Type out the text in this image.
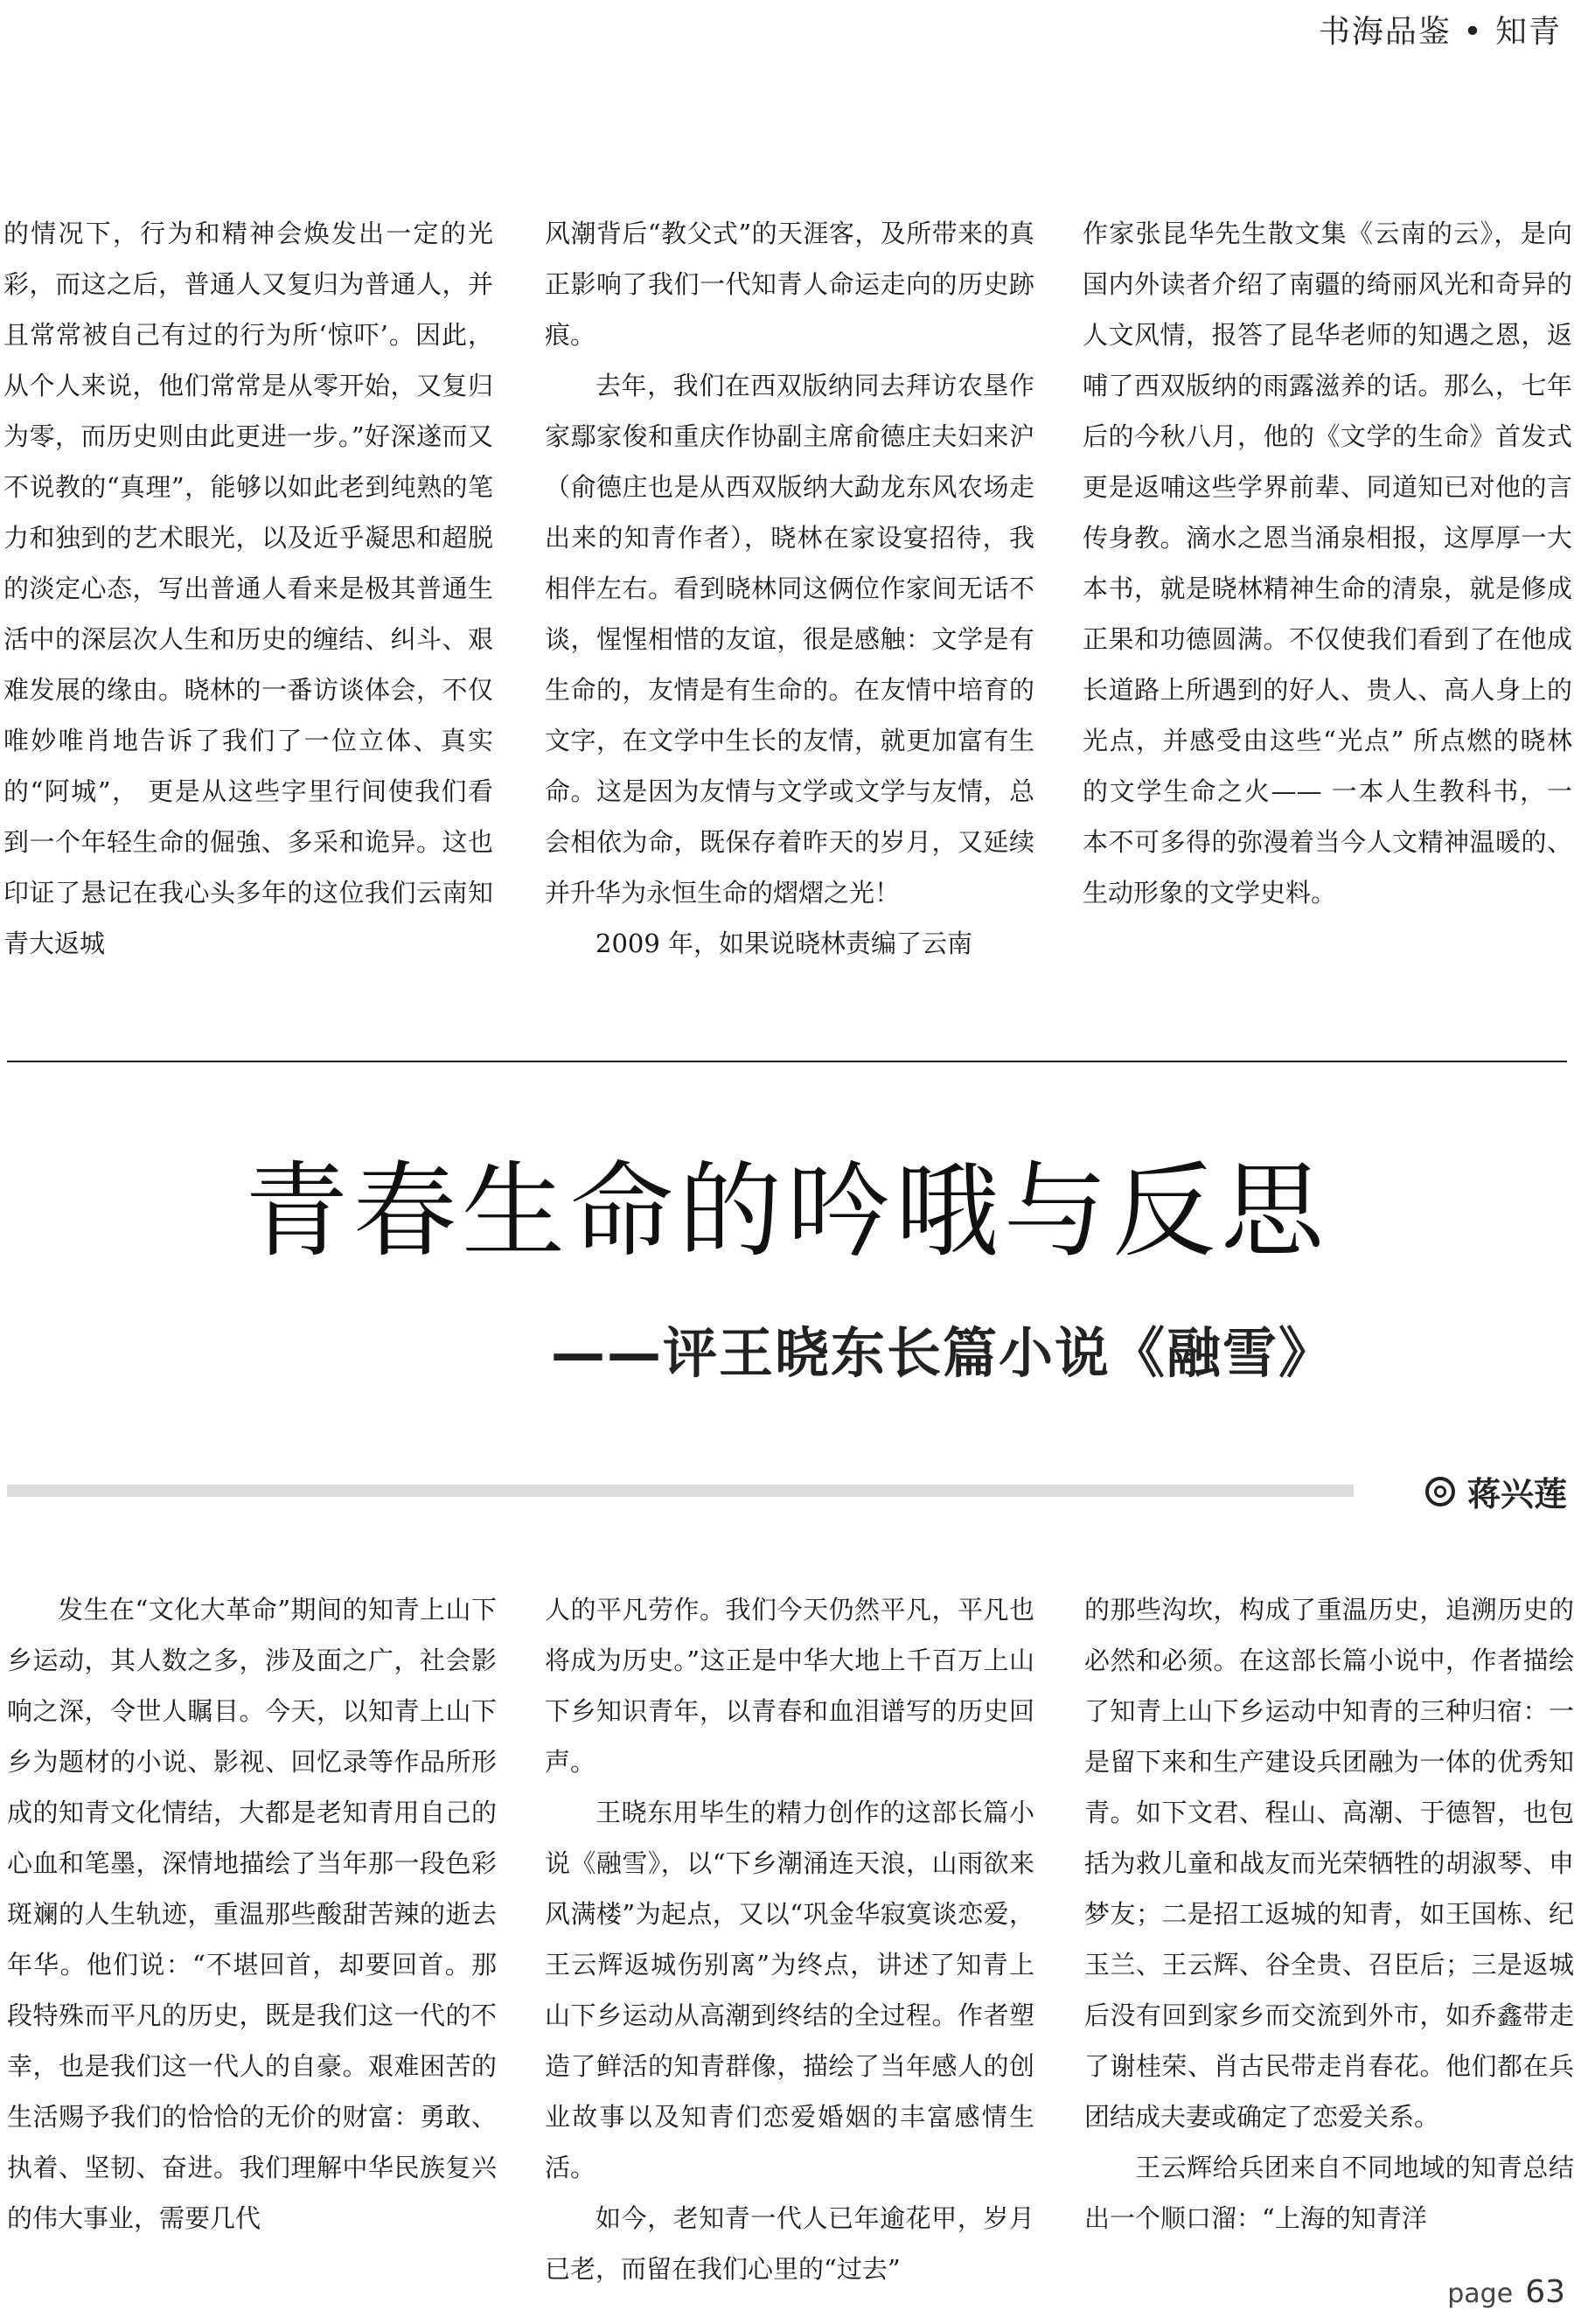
书海品鉴 • 知青

的情况下，行为和精神会焕发出一定的光彩，而这之后，普通人又复归为普通人，并且常常被自己有过的行为所‘惊吓’。因此， 从个人来说，他们常常是从零开始，又复归为零，而历史则由此更进一步。”好深遂而又不说教的“真理”，能够以如此老到纯熟的笔力和独到的艺术眼光，以及近乎凝思和超脱的淡定心态，写出普通人看来是极其普通生活中的深层次人生和历史的缠结、纠斗、艰难发展的缘由。晓林的一番访谈体会，不仅唯妙唯肖地告诉了我们了一位立体、真实的“阿城”， 更是从这些字里行间使我们看到一个年轻生命的倔強、多采和诡异。这也印证了悬记在我心头多年的这位我们云南知青大返城

风潮背后“教父式”的天涯客，及所带来的真正影响了我们一代知青人命运走向的历史跡痕。

去年，我们在西双版纳同去拜访农垦作家鄢家俊和重庆作协副主席俞德庄夫妇来沪（俞德庄也是从西双版纳大勐龙东风农场走出来的知青作者），晓林在家设宴招待，我相伴左右。看到晓林同这俩位作家间无话不谈，惺惺相惜的友谊，很是感触：文学是有生命的，友情是有生命的。在友情中培育的文字，在文学中生长的友情，就更加富有生命。这是因为友情与文学或文学与友情，总会相依为命，既保存着昨天的岁月，又延续并升华为永恒生命的熠熠之光！

2009 年，如果说晓林责编了云南

作家张昆华先生散文集《云南的云》，是向国内外读者介绍了南疆的绮丽风光和奇异的人文风情，报答了昆华老师的知遇之恩，返哺了西双版纳的雨露滋养的话。那么，七年后的今秋八月，他的《文学的生命》首发式更是返哺这些学界前辈、同道知已对他的言传身教。滴水之恩当涌泉相报，这厚厚一大本书，就是晓林精神生命的清泉，就是修成正果和功德圆满。不仅使我们看到了在他成长道路上所遇到的好人、贵人、高人身上的光点，并感受由这些“光点” 所点燃的晓林的文学生命之火—— 一本人生教科书，一本不可多得的弥漫着当今人文精神温暖的、生动形象的文学史料。

青春生命的吟哦与反思
——评王晓东长篇小说《融雪》
蒋兴莲

发生在“文化大革命”期间的知青上山下乡运动，其人数之多，涉及面之广，社会影响之深，令世人瞩目。今天，以知青上山下乡为题材的小说、影视、回忆录等作品所形成的知青文化情结，大都是老知青用自己的心血和笔墨，深情地描绘了当年那一段色彩斑斓的人生轨迹，重温那些酸甜苦辣的逝去年华。他们说：“不堪回首，却要回首。那段特殊而平凡的历史，既是我们这一代的不幸，也是我们这一代人的自豪。艰难困苦的生活赐予我们的恰恰的无价的财富：勇敢、执着、坚韧、奋进。我们理解中华民族复兴的伟大事业，需要几代

人的平凡劳作。我们今天仍然平凡，平凡也将成为历史。”这正是中华大地上千百万上山下乡知识青年，以青春和血泪谱写的历史回声。

王晓东用毕生的精力创作的这部长篇小说《融雪》，以“下乡潮涌连天浪，山雨欲来风满楼”为起点，又以“巩金华寂寞谈恋爱，王云辉返城伤别离”为终点，讲述了知青上山下乡运动从高潮到终结的全过程。作者塑造了鲜活的知青群像，描绘了当年感人的创业故事以及知青们恋爱婚姻的丰富感情生活。

如今，老知青一代人已年逾花甲，岁月已老，而留在我们心里的“过去”

的那些沟坎，构成了重温历史，追溯历史的必然和必须。在这部长篇小说中，作者描绘了知青上山下乡运动中知青的三种归宿：一是留下来和生产建设兵团融为一体的优秀知青。如下文君、程山、高潮、于德智，也包括为救儿童和战友而光荣牺牲的胡淑琴、申梦友；二是招工返城的知青，如王国栋、纪玉兰、王云辉、谷全贵、召臣后；三是返城后没有回到家乡而交流到外市，如乔鑫带走了谢桂荣、肖古民带走肖春花。他们都在兵团结成夫妻或确定了恋爱关系。

王云辉给兵团来自不同地域的知青总结出一个顺口溜：“上海的知青洋

page 63
